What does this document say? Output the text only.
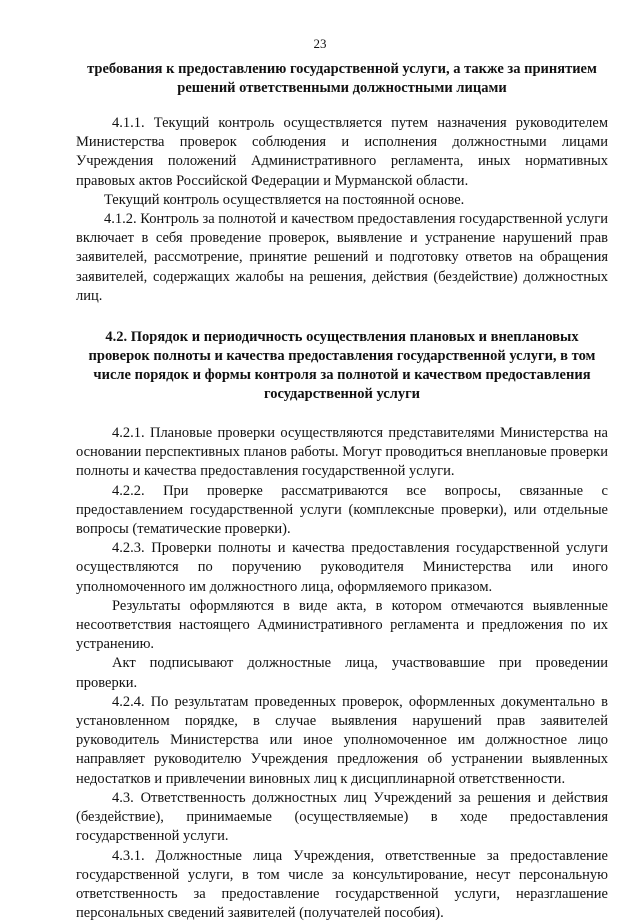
23

требования к предоставлению государственной услуги, а также за принятием решений ответственными должностными лицами

4.1.1. Текущий контроль осуществляется путем назначения руководителем Министерства проверок соблюдения и исполнения должностными лицами Учреждения положений Административного регламента, иных нормативных правовых актов Российской Федерации и Мурманской области.

Текущий контроль осуществляется на постоянной основе.

4.1.2. Контроль за полнотой и качеством предоставления государственной услуги включает в себя проведение проверок, выявление и устранение нарушений прав заявителей, рассмотрение, принятие решений и подготовку ответов на обращения заявителей, содержащих жалобы на решения, действия (бездействие) должностных лиц.

4.2. Порядок и периодичность осуществления плановых и внеплановых проверок полноты и качества предоставления государственной услуги, в том числе порядок и формы контроля за полнотой и качеством предоставления государственной услуги

4.2.1. Плановые проверки осуществляются представителями Министерства на основании перспективных планов работы. Могут проводиться внеплановые проверки полноты и качества предоставления государственной услуги.

4.2.2. При проверке рассматриваются все вопросы, связанные с предоставлением государственной услуги (комплексные проверки), или отдельные вопросы (тематические проверки).

4.2.3. Проверки полноты и качества предоставления государственной услуги осуществляются по поручению руководителя Министерства или иного уполномоченного им должностного лица, оформляемого приказом.

Результаты оформляются в виде акта, в котором отмечаются выявленные несоответствия настоящего Административного регламента и предложения по их устранению.

Акт подписывают должностные лица, участвовавшие при проведении проверки.

4.2.4. По результатам проведенных проверок, оформленных документально в установленном порядке, в случае выявления нарушений прав заявителей руководитель Министерства или иное уполномоченное им должностное лицо направляет руководителю Учреждения предложения об устранении выявленных недостатков и привлечении виновных лиц к дисциплинарной ответственности.

4.3. Ответственность должностных лиц Учреждений за решения и действия (бездействие), принимаемые (осуществляемые) в ходе предоставления государственной услуги.

4.3.1. Должностные лица Учреждения, ответственные за предоставление государственной услуги, в том числе за консультирование, несут персональную ответственность за предоставление государственной услуги, неразглашение персональных сведений заявителей (получателей пособия).
